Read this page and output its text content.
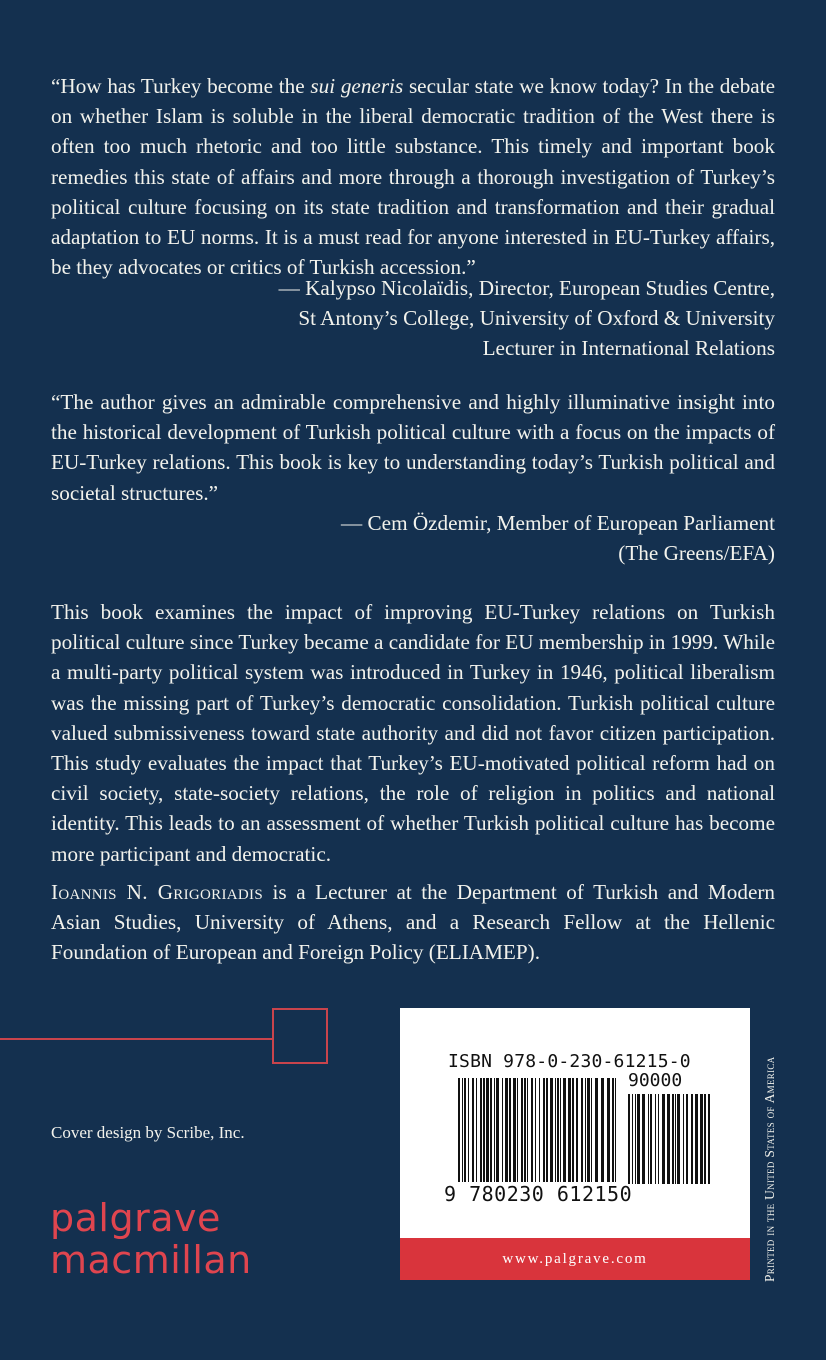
“How has Turkey become the sui generis secular state we know today? In the debate on whether Islam is soluble in the liberal democratic tradition of the West there is often too much rhetoric and too little substance. This timely and important book remedies this state of affairs and more through a thorough investigation of Turkey’s political culture focusing on its state tradition and transformation and their gradual adaptation to EU norms. It is a must read for anyone interested in EU-Turkey affairs, be they advocates or critics of Turkish accession.”

— Kalypso Nicolaïdis, Director, European Studies Centre,
St Antony’s College, University of Oxford & University
Lecturer in International Relations

“The author gives an admirable comprehensive and highly illuminative insight into the historical development of Turkish political culture with a focus on the impacts of EU-Turkey relations. This book is key to understanding today’s Turkish political and societal structures.”

— Cem Özdemir, Member of European Parliament
(The Greens/EFA)

This book examines the impact of improving EU-Turkey relations on Turkish political culture since Turkey became a candidate for EU membership in 1999. While a multi-party political system was introduced in Turkey in 1946, political liberalism was the missing part of Turkey’s democratic consolidation. Turkish political culture valued submissiveness toward state authority and did not favor citizen participation. This study evaluates the impact that Turkey’s EU-motivated political reform had on civil society, state-society relations, the role of religion in politics and national identity. This leads to an assessment of whether Turkish political culture has become more participant and democratic.

Ioannis N. Grigoriadis is a Lecturer at the Department of Turkish and Modern Asian Studies, University of Athens, and a Research Fellow at the Hellenic Foundation of European and Foreign Policy (ELIAMEP).

Cover design by Scribe, Inc.
palgrave
macmillan
ISBN 978-0-230-61215-0
90000
9 780230 612150
www.palgrave.com	Printed in the United States of America
